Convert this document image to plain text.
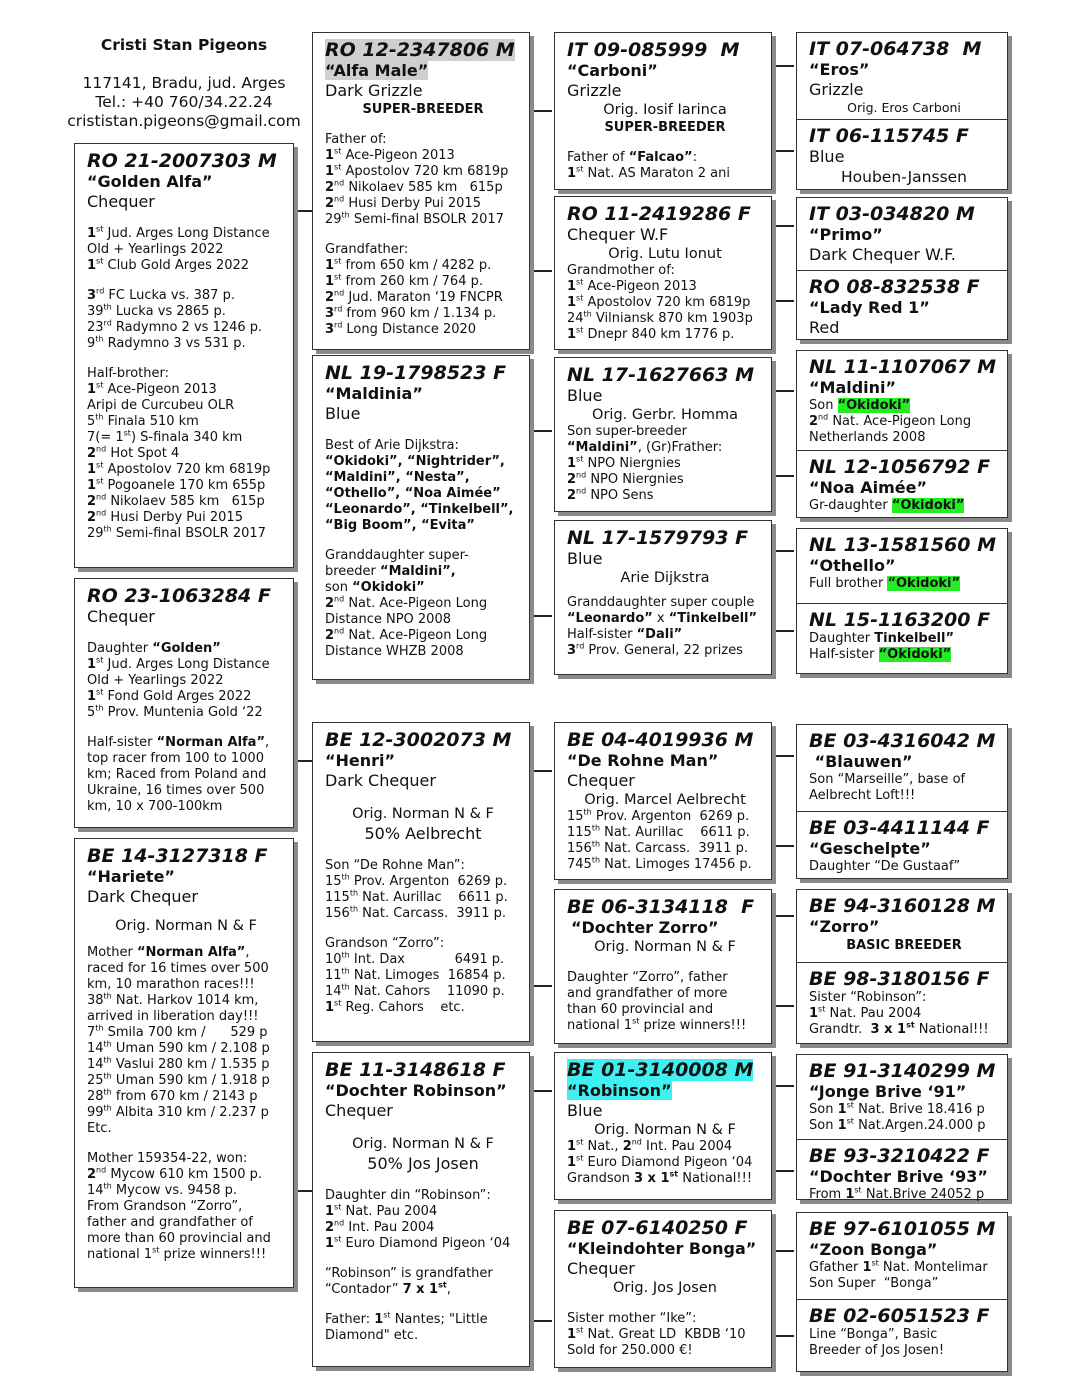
Cristi Stan Pigeons
117141, Bradu, jud. Arges
Tel.: +40 760/34.22.24
crististan.pigeons@gmail.com
RO 21-2007303 M
“Golden Alfa”
Chequer
1st Jud. Arges Long Distance
Old + Yearlings 2022
1st Club Gold Arges 2022
3rd FC Lucka vs. 387 p.
39th Lucka vs 2865 p.
23rd Radymno 2 vs 1246 p.
9th Radymno 3 vs 531 p.
Half-brother:
1st Ace-Pigeon 2013
Aripi de Curcubeu OLR
5th Finala 510 km
7(= 1st) S-finala 340 km
2nd Hot Spot 4
1st Apostolov 720 km 6819p
1st Pogoanele 170 km 655p
2nd Nikolaev 585 km   615p
2nd Husi Derby Pui 2015
29th Semi-final BSOLR 2017
RO 23-1063284 F
Chequer
Daughter “Golden”
1st Jud. Arges Long Distance
Old + Yearlings 2022
1st Fond Gold Arges 2022
5th Prov. Muntenia Gold ‘22
Half-sister “Norman Alfa”,
top racer from 100 to 1000
km; Raced from Poland and
Ukraine, 16 times over 500
km, 10 x 700-100km
BE 14-3127318 F
“Hariete”
Dark Chequer
Orig. Norman N & F
Mother “Norman Alfa”,
raced for 16 times over 500
km, 10 marathon races!!!
38th Nat. Harkov 1014 km,
arrived in liberation day!!!
7th Smila 700 km /      529 p
14th Uman 590 km / 2.108 p
14th Vaslui 280 km / 1.535 p
25th Uman 590 km / 1.918 p
28th from 670 km / 2143 p
99th Albita 310 km / 2.237 p
Etc.
Mother 159354-22, won:
2nd Mycow 610 km 1500 p.
14th Mycow vs. 9458 p.
From Grandson “Zorro”,
father and grandfather of
more than 60 provincial and
national 1st prize winners!!!
RO 12-2347806 M
“Alfa Male”
Dark Grizzle
SUPER-BREEDER
Father of:
1st Ace-Pigeon 2013
1st Apostolov 720 km 6819p
2nd Nikolaev 585 km   615p
2nd Husi Derby Pui 2015
29th Semi-final BSOLR 2017
Grandfather:
1st from 650 km / 4282 p.
1st from 260 km / 764 p.
2nd Jud. Maraton ‘19 FNCPR
3rd from 960 km / 1.134 p.
3rd Long Distance 2020
NL 19-1798523 F
“Maldinia”
Blue
Best of Arie Dijkstra:
“Okidoki”, “Nightrider”,
“Maldini”, “Nesta”,
“Othello”, “Noa Aimée”
“Leonardo”, “Tinkelbell”,
“Big Boom”, “Evita”
Granddaughter super-
breeder “Maldini”,
son “Okidoki”
2nd Nat. Ace-Pigeon Long
Distance NPO 2008
2nd Nat. Ace-Pigeon Long
Distance WHZB 2008
BE 12-3002073 M
“Henri”
Dark Chequer
Orig. Norman N & F
50% Aelbrecht
Son “De Rohne Man”:
15th Prov. Argenton  6269 p.
115th Nat. Aurillac    6611 p.
156th Nat. Carcass.  3911 p.
Grandson “Zorro”:
10th Int. Dax            6491 p.
11th Nat. Limoges  16854 p.
14th Nat. Cahors    11090 p.
1st Reg. Cahors    etc.
BE 11-3148618 F
“Dochter Robinson”
Chequer
Orig. Norman N & F
50% Jos Josen
Daughter din “Robinson”:
1st Nat. Pau 2004
2nd Int. Pau 2004
1st Euro Diamond Pigeon ‘04
“Robinson” is grandfather
“Contador” 7 x 1st,
Father: 1st Nantes; "Little
Diamond" etc.
IT 09-085999  M
“Carboni”
Grizzle
Orig. Iosif Iarinca
SUPER-BREEDER
Father of “Falcao”:
1st Nat. AS Maraton 2 ani
RO 11-2419286 F
Chequer W.F
Orig. Lutu Ionut
Grandmother of:
1st Ace-Pigeon 2013
1st Apostolov 720 km 6819p
24th Vilniansk 870 km 1903p
1st Dnepr 840 km 1776 p.
NL 17-1627663 M
Blue
Orig. Gerbr. Homma
Son super-breeder
“Maldini”, (Gr)Frather:
1st NPO Niergnies
2nd NPO Niergnies
2nd NPO Sens
NL 17-1579793 F
Blue
Arie Dijkstra
Granddaughter super couple
“Leonardo” x “Tinkelbell”
Half-sister “Dali”
3rd Prov. General, 22 prizes
BE 04-4019936 M
“De Rohne Man”
Chequer
Orig. Marcel Aelbrecht
15th Prov. Argenton  6269 p.
115th Nat. Aurillac    6611 p.
156th Nat. Carcass.  3911 p.
745th Nat. Limoges 17456 p.
BE 06-3134118  F
“Dochter Zorro”
Orig. Norman N & F
Daughter “Zorro”, father
and grandfather of more
than 60 provincial and
national 1st prize winners!!!
BE 01-3140008 M
“Robinson”
Blue
Orig. Norman N & F
1st Nat., 2nd Int. Pau 2004
1st Euro Diamond Pigeon ‘04
Grandson 3 x 1st National!!!
BE 07-6140250 F
“Kleindohter Bonga”
Chequer
Orig. Jos Josen
Sister mother “Ike”:
1st Nat. Great LD  KBDB ‘10
Sold for 250.000 €!
IT 07-064738  M
“Eros”
Grizzle
Orig. Eros Carboni
IT 06-115745 F
Blue
Houben-Janssen
IT 03-034820 M
“Primo”
Dark Chequer W.F.
RO 08-832538 F
“Lady Red 1”
Red
NL 11-1107067 M
“Maldini”
Son “Okidoki”
2nd Nat. Ace-Pigeon Long
Netherlands 2008
NL 12-1056792 F
“Noa Aimée”
Gr-daughter “Okidoki”
NL 13-1581560 M
“Othello”
Full brother “Okidoki”
NL 15-1163200 F
Daughter Tinkelbell”
Half-sister “Okidoki”
BE 03-4316042 M
“Blauwen”
Son “Marseille”, base of
Aelbrecht Loft!!!
BE 03-4411144 F
“Geschelpte”
Daughter “De Gustaaf”
BE 94-3160128 M
“Zorro”
BASIC BREEDER
BE 98-3180156 F
Sister “Robinson”:
1st Nat. Pau 2004
Grandtr.  3 x 1st National!!!
BE 91-3140299 M
“Jonge Brive ‘91”
Son 1st Nat. Brive 18.416 p
Son 1st Nat.Argen.24.000 p
BE 93-3210422 F
“Dochter Brive ‘93”
From 1st Nat.Brive 24052 p
BE 97-6101055 M
“Zoon Bonga”
Gfather 1st Nat. Montelimar
Son Super  “Bonga”
BE 02-6051523 F
Line “Bonga”, Basic
Breeder of Jos Josen!
